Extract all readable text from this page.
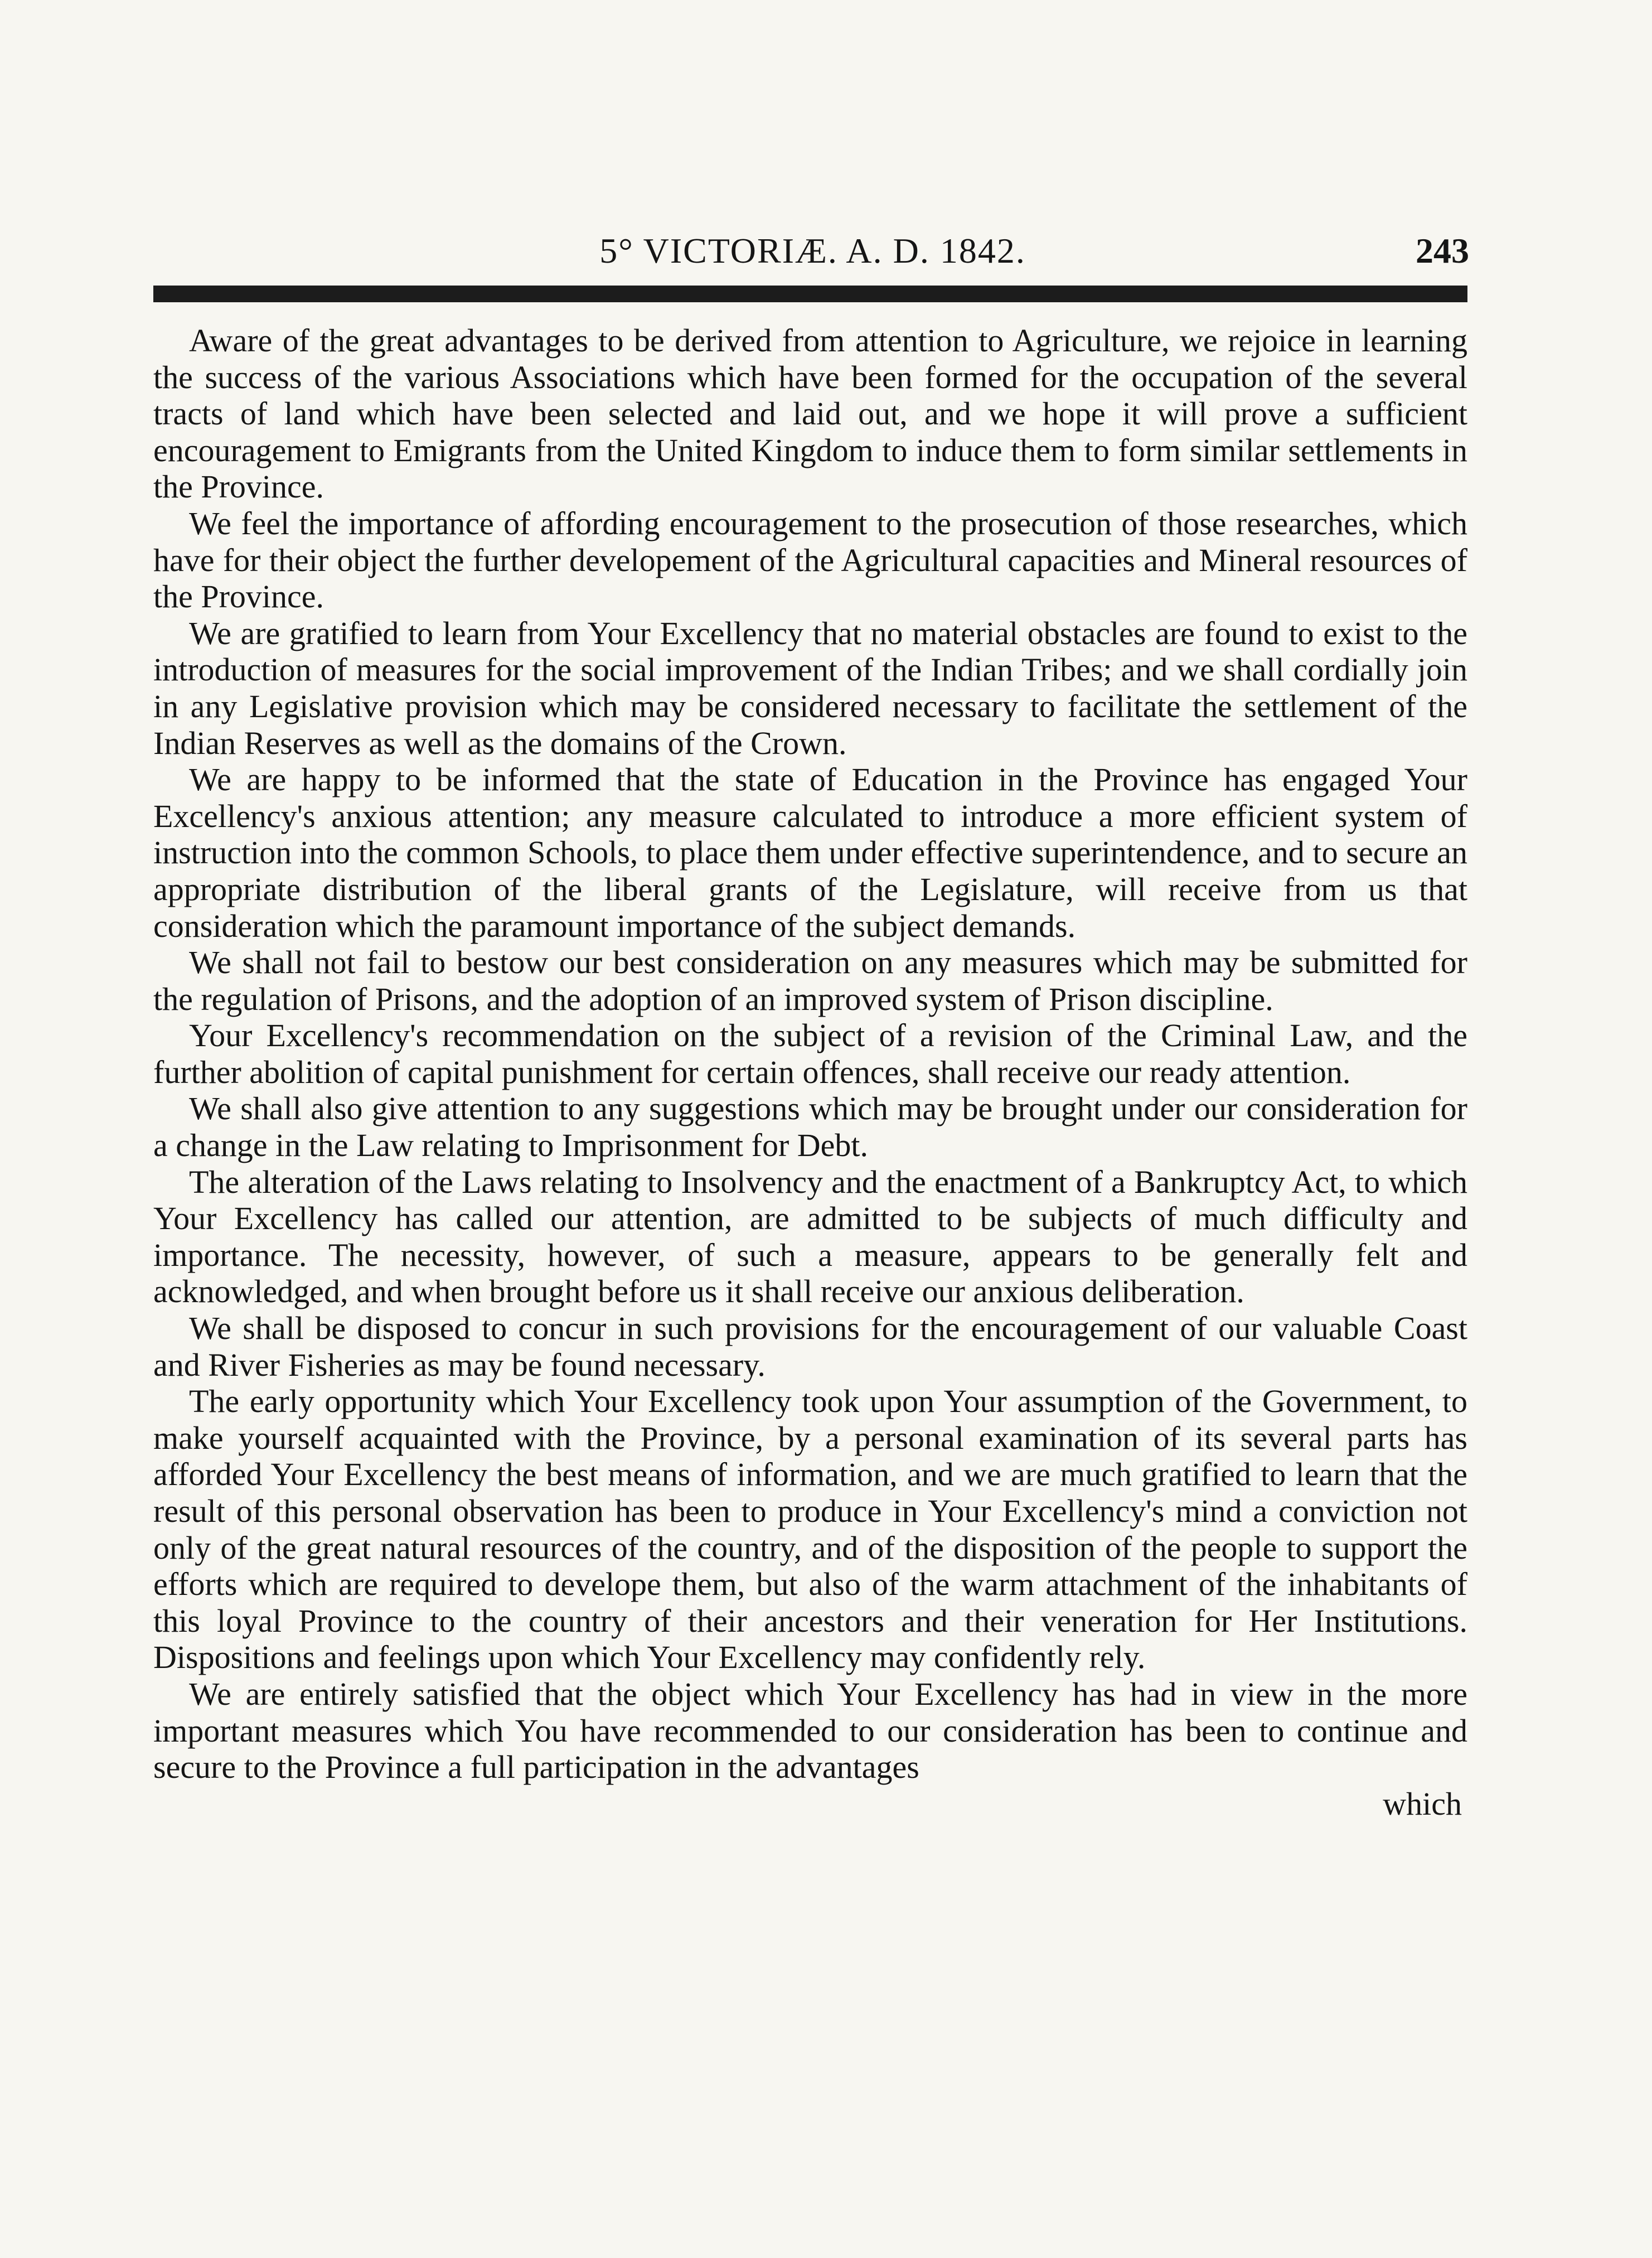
5° VICTORIÆ. A. D. 1842.	243

Aware of the great advantages to be derived from attention to Agriculture, we rejoice in learning the success of the various Associations which have been formed for the occupation of the several tracts of land which have been selected and laid out, and we hope it will prove a sufficient encouragement to Emigrants from the United Kingdom to induce them to form similar settlements in the Province.

We feel the importance of affording encouragement to the prosecution of those researches, which have for their object the further developement of the Agricultural capacities and Mineral resources of the Province.

We are gratified to learn from Your Excellency that no material obstacles are found to exist to the introduction of measures for the social improvement of the Indian Tribes; and we shall cordially join in any Legislative provision which may be considered necessary to facilitate the settlement of the Indian Reserves as well as the domains of the Crown.

We are happy to be informed that the state of Education in the Province has engaged Your Excellency's anxious attention; any measure calculated to introduce a more efficient system of instruction into the common Schools, to place them under effective superintendence, and to secure an appropriate distribution of the liberal grants of the Legislature, will receive from us that consideration which the paramount importance of the subject demands.

We shall not fail to bestow our best consideration on any measures which may be submitted for the regulation of Prisons, and the adoption of an improved system of Prison discipline.

Your Excellency's recommendation on the subject of a revision of the Criminal Law, and the further abolition of capital punishment for certain offences, shall receive our ready attention.

We shall also give attention to any suggestions which may be brought under our consideration for a change in the Law relating to Imprisonment for Debt.

The alteration of the Laws relating to Insolvency and the enactment of a Bankruptcy Act, to which Your Excellency has called our attention, are admitted to be subjects of much difficulty and importance. The necessity, however, of such a measure, appears to be generally felt and acknowledged, and when brought before us it shall receive our anxious deliberation.

We shall be disposed to concur in such provisions for the encouragement of our valuable Coast and River Fisheries as may be found necessary.

The early opportunity which Your Excellency took upon Your assumption of the Government, to make yourself acquainted with the Province, by a personal examination of its several parts has afforded Your Excellency the best means of information, and we are much gratified to learn that the result of this personal observation has been to produce in Your Excellency's mind a conviction not only of the great natural resources of the country, and of the disposition of the people to support the efforts which are required to develope them, but also of the warm attachment of the inhabitants of this loyal Province to the country of their ancestors and their veneration for Her Institutions. Dispositions and feelings upon which Your Excellency may confidently rely.

We are entirely satisfied that the object which Your Excellency has had in view in the more important measures which You have recommended to our consideration has been to continue and secure to the Province a full participation in the advantages

which
